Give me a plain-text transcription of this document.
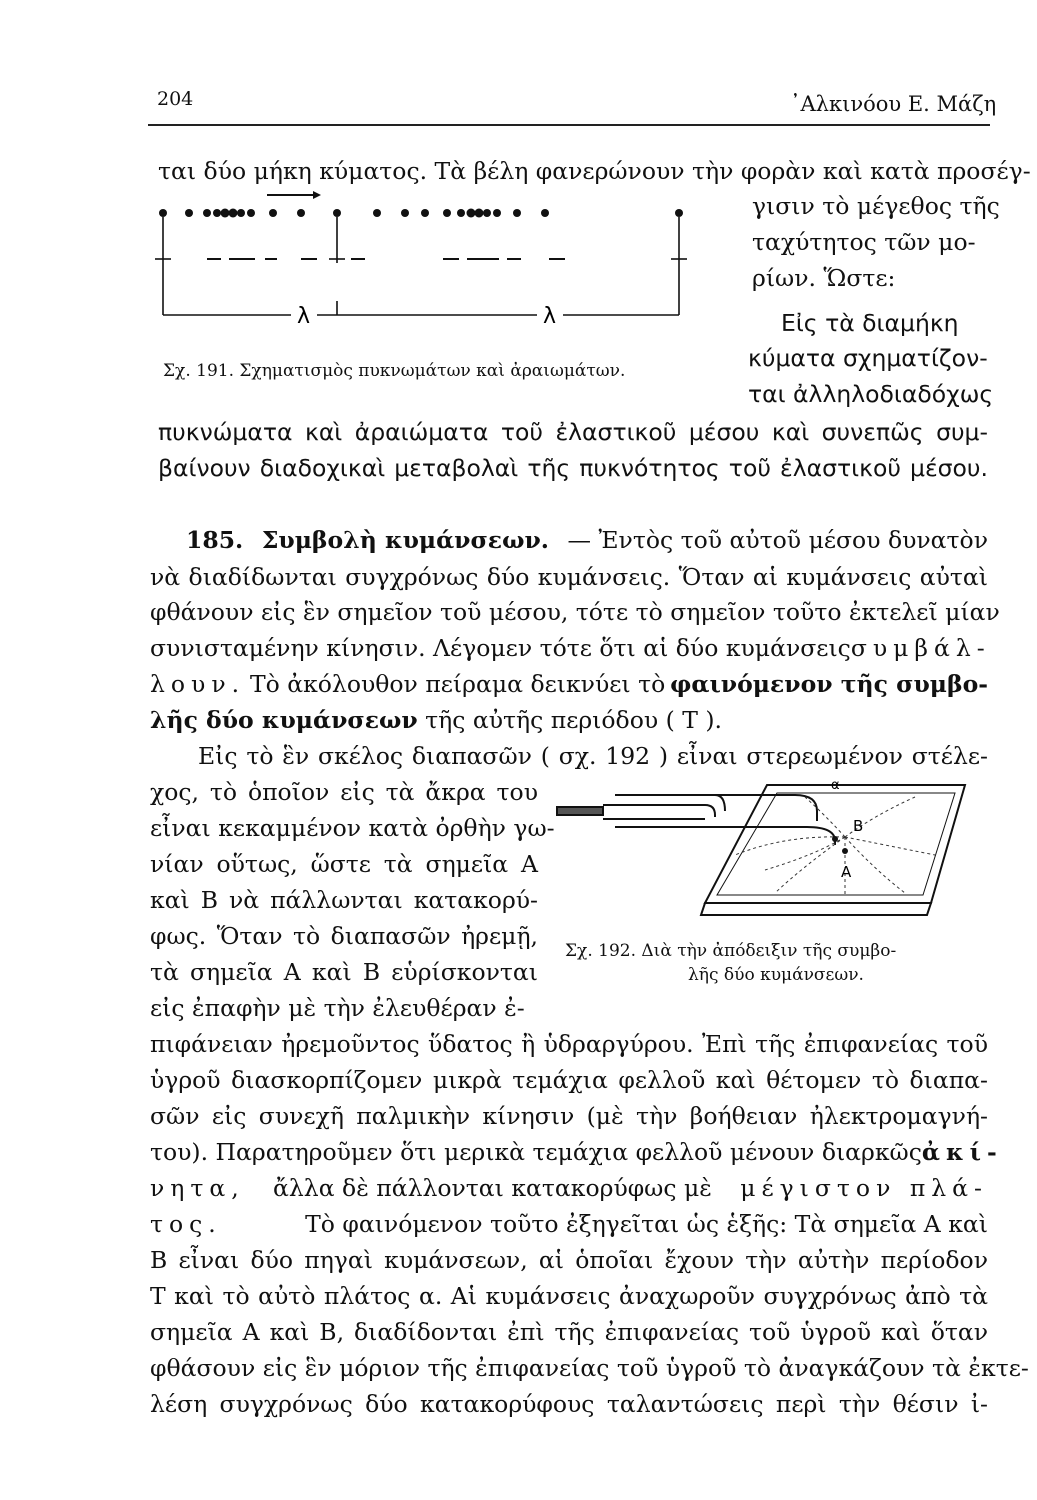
204	᾿Αλκινόου Ε. Μάζη
ται δύο μήκη κύματος. Τὰ βέλη φανερώνουν τὴν φορὰν καὶ κατὰ προσέγ-
λ	λ
γισιν τὸ μέγεθος τῆς
ταχύτητος τῶν μο-
ρίων. Ὥστε:
Εἰς τὰ διαμήκη
κύματα σχηματίζον-
ται ἀλληλοδιαδόχως
Σχ. 191. Σχηματισμὸς πυκνωμάτων καὶ ἀραιωμάτων.
πυκνώματα καὶ ἀραιώματα τοῦ ἐλαστικοῦ μέσου καὶ συνεπῶς συμ-
βαίνουν διαδοχικαὶ μεταβολαὶ τῆς πυκνότητος τοῦ ἐλαστικοῦ μέσου.
185. Συμβολὴ κυμάνσεων. — Ἐντὸς τοῦ αὐτοῦ μέσου δυνατὸν
νὰ διαδίδωνται συγχρόνως δύο κυμάνσεις. Ὅταν αἱ κυμάνσεις αὐταὶ
φθάνουν εἰς ἓν σημεῖον τοῦ μέσου, τότε τὸ σημεῖον τοῦτο ἐκτελεῖ μίαν
συνισταμένην κίνησιν. Λέγομεν τότε ὅτι αἱ δύο κυμάνσεις συμβάλ-
λουν. Τὸ ἀκόλουθον πείραμα δεικνύει τὸ φαινόμενον τῆς συμβο-
λῆς δύο κυμάνσεων τῆς αὐτῆς περιόδου ( Τ ).
Εἰς τὸ ἓν σκέλος διαπασῶν ( σχ. 192 ) εἶναι στερεωμένον στέλε-
χος, τὸ ὁποῖον εἰς τὰ ἄκρα του
εἶναι κεκαμμένον κατὰ ὀρθὴν γω-
νίαν οὕτως, ὥστε τὰ σημεῖα Α
καὶ Β νὰ πάλλωνται κατακορύ-
φως. Ὅταν τὸ διαπασῶν ἠρεμῇ,
τὰ σημεῖα Α καὶ Β εὑρίσκονται
εἰς ἐπαφὴν μὲ τὴν ἐλευθέραν ἐ-
α
Β
Α
Σχ. 192. Διὰ τὴν ἀπόδειξιν τῆς συμβο-
λῆς δύο κυμάνσεων.
πιφάνειαν ἠρεμοῦντος ὕδατος ἢ ὑδραργύρου. Ἐπὶ τῆς ἐπιφανείας τοῦ
ὑγροῦ διασκορπίζομεν μικρὰ τεμάχια φελλοῦ καὶ θέτομεν τὸ διαπα-
σῶν εἰς συνεχῆ παλμικὴν κίνησιν (μὲ τὴν βοήθειαν ἠλεκτρομαγνή-
του). Παρατηροῦμεν ὅτι μερικὰ τεμάχια φελλοῦ μένουν διαρκῶς ἀκί-
νητα, ἄλλα δὲ πάλλονται κατακορύφως μὲ μέγιστον πλά-
τος.	Τὸ φαινόμενον τοῦτο ἐξηγεῖται ὡς ἑξῆς: Τὰ σημεῖα Α καὶ
Β εἶναι δύο πηγαὶ κυμάνσεων, αἱ ὁποῖαι ἔχουν τὴν αὐτὴν περίοδον
Τ καὶ τὸ αὐτὸ πλάτος α. Αἱ κυμάνσεις ἀναχωροῦν συγχρόνως ἀπὸ τὰ
σημεῖα Α καὶ Β, διαδίδονται ἐπὶ τῆς ἐπιφανείας τοῦ ὑγροῦ καὶ ὅταν
φθάσουν εἰς ἓν μόριον τῆς ἐπιφανείας τοῦ ὑγροῦ τὸ ἀναγκάζουν τὰ ἐκτε-
λέση συγχρόνως δύο κατακορύφους ταλαντώσεις περὶ τὴν θέσιν ἰ-
